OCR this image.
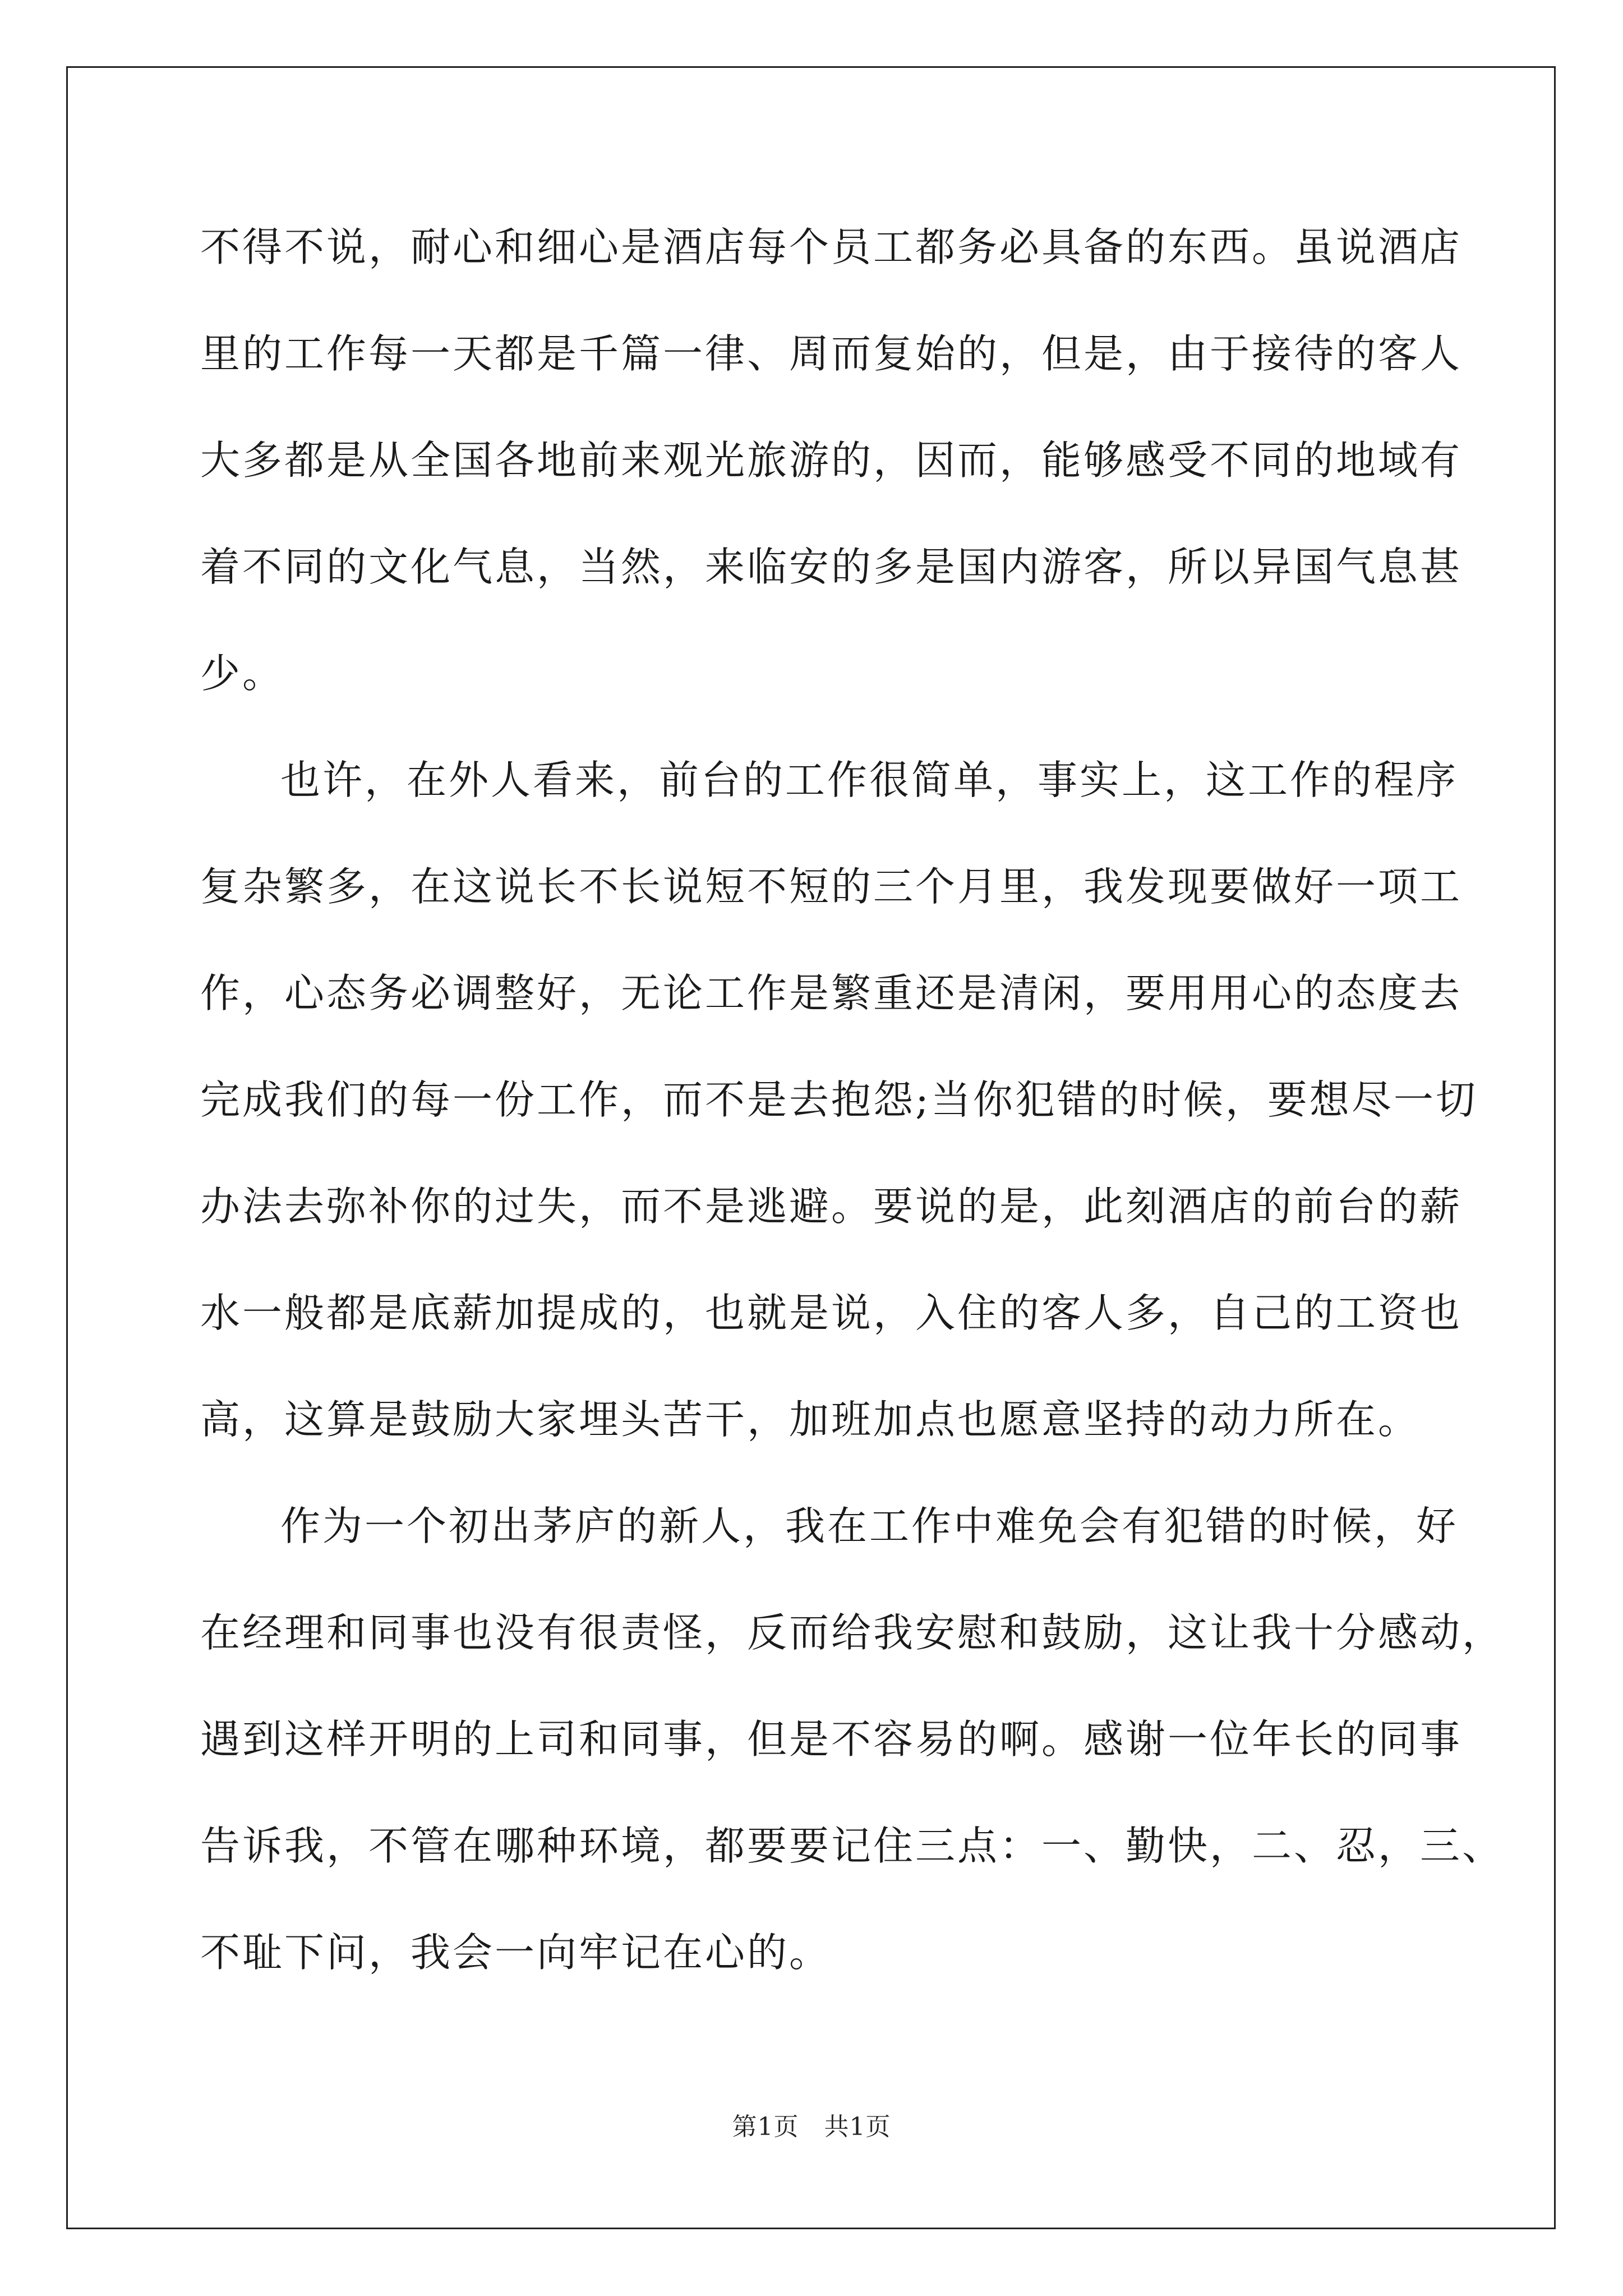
不得不说，耐心和细心是酒店每个员工都务必具备的东西。虽说酒店
里的工作每一天都是千篇一律、周而复始的，但是，由于接待的客人
大多都是从全国各地前来观光旅游的，因而，能够感受不同的地域有
着不同的文化气息，当然，来临安的多是国内游客，所以异国气息甚
少。
也许，在外人看来，前台的工作很简单，事实上，这工作的程序
复杂繁多，在这说长不长说短不短的三个月里，我发现要做好一项工
作，心态务必调整好，无论工作是繁重还是清闲，要用用心的态度去
完成我们的每一份工作，而不是去抱怨;当你犯错的时候，要想尽一切
办法去弥补你的过失，而不是逃避。要说的是，此刻酒店的前台的薪
水一般都是底薪加提成的，也就是说，入住的客人多，自己的工资也
高，这算是鼓励大家埋头苦干，加班加点也愿意坚持的动力所在。
作为一个初出茅庐的新人，我在工作中难免会有犯错的时候，好
在经理和同事也没有很责怪，反而给我安慰和鼓励，这让我十分感动，
遇到这样开明的上司和同事，但是不容易的啊。感谢一位年长的同事
告诉我，不管在哪种环境，都要要记住三点：一、勤快，二、忍，三、
不耻下问，我会一向牢记在心的。
第1页　共1页
